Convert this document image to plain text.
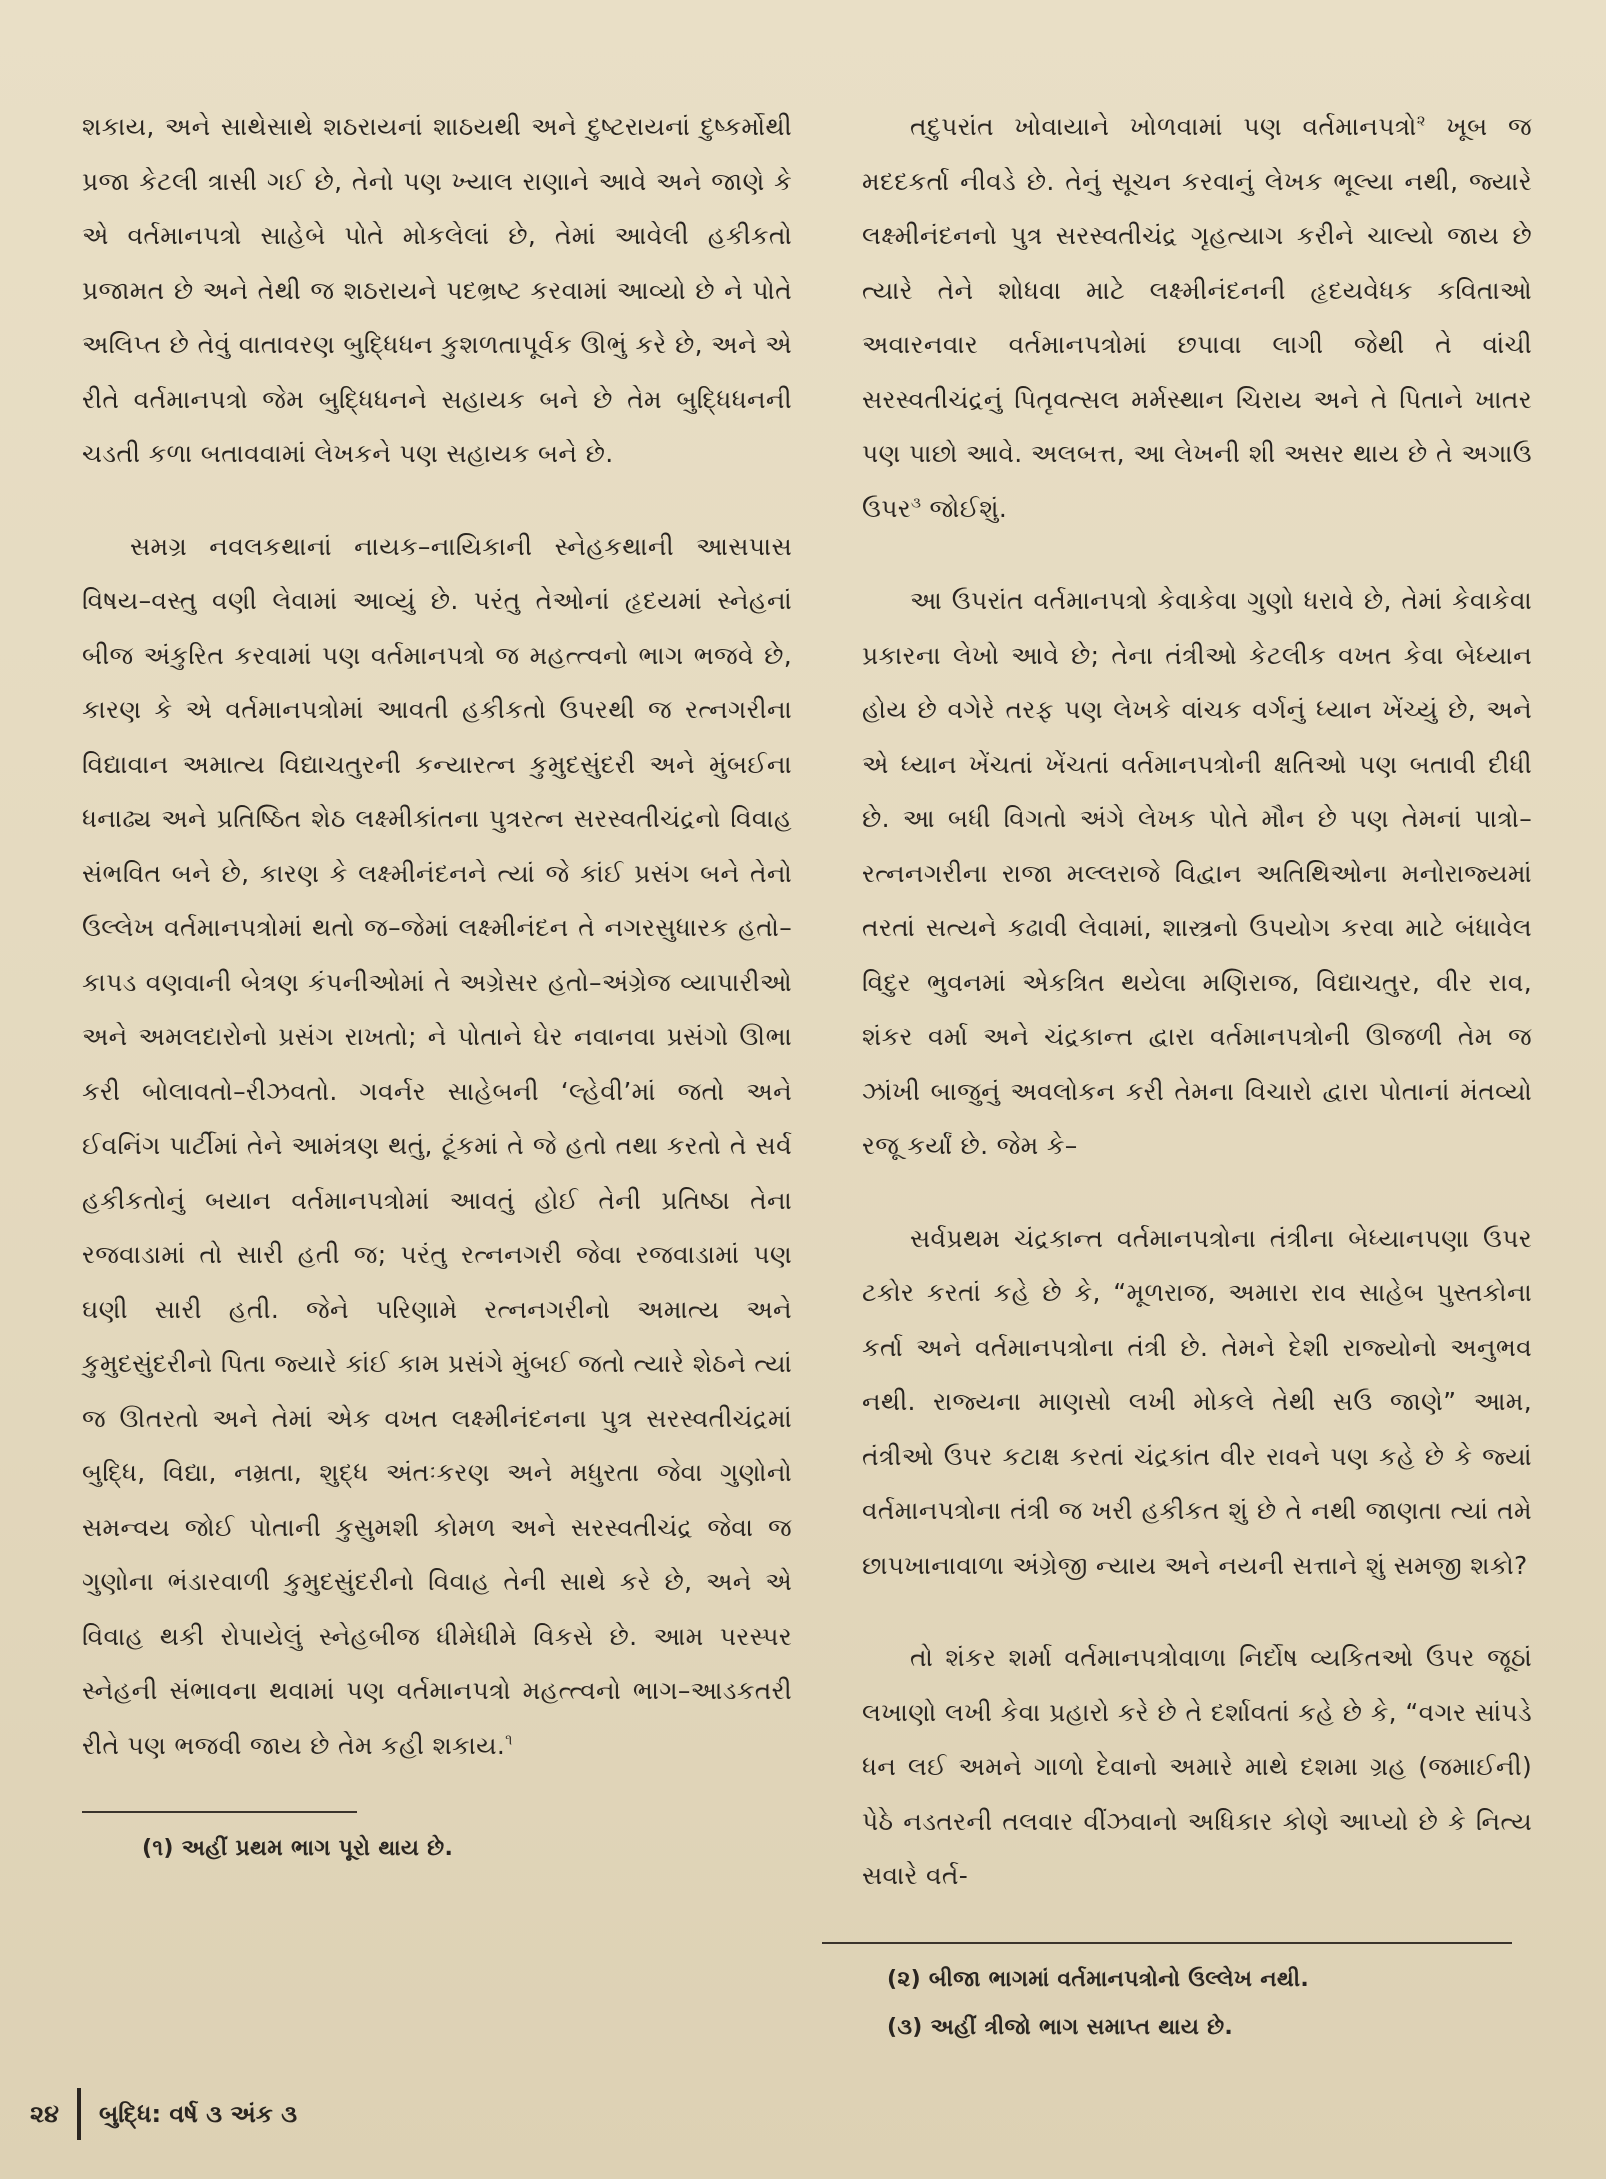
શકાય, અને સાથેસાથે શઠરાયનાં શાઠયથી અને દુષ્ટરાયનાં દુષ્કર્મોથી પ્રજા કેટલી ત્રાસી ગઈ છે, તેનો પણ ખ્યાલ રાણાને આવે અને જાણે કે એ વર્તમાનપત્રો સાહેબે પોતે મોકલેલાં છે, તેમાં આવેલી હકીકતો પ્રજામત છે અને તેથી જ શઠરાયને પદભ્રષ્ટ કરવામાં આવ્યો છે ને પોતે અલિપ્ત છે તેવું વાતાવરણ બુદ્ધિધન કુશળતાપૂર્વક ઊભું કરે છે, અને એ રીતે વર્તમાનપત્રો જેમ બુદ્ધિધનને સહાયક બને છે તેમ બુદ્ધિધનની ચડતી કળા બતાવવામાં લેખકને પણ સહાયક બને છે.

સમગ્ર નવલકથાનાં નાયક–નાયિકાની સ્નેહકથાની આસપાસ વિષય–વસ્તુ વણી લેવામાં આવ્યું છે. પરંતુ તેઓનાં હૃદયમાં સ્નેહનાં બીજ અંકુરિત કરવામાં પણ વર્તમાનપત્રો જ મહત્ત્વનો ભાગ ભજવે છે, કારણ કે એ વર્તમાનપત્રોમાં આવતી હકીકતો ઉપરથી જ રત્નગરીના વિદ્યાવાન અમાત્ય વિદ્યાચતુરની કન્યારત્ન કુમુદસુંદરી અને મુંબઈના ધનાઢ્ય અને પ્રતિષ્ઠિત શેઠ લક્ષ્મીકાંતના પુત્રરત્ન સરસ્વતીચંદ્રનો વિવાહ સંભવિત બને છે, કારણ કે લક્ષ્મીનંદનને ત્યાં જે કાંઈ પ્રસંગ બને તેનો ઉલ્લેખ વર્તમાનપત્રોમાં થતો જ–જેમાં લક્ષ્મીનંદન તે નગરસુધારક હતો–કાપડ વણવાની બેત્રણ કંપનીઓમાં તે અગ્રેસર હતો–અંગ્રેજ વ્યાપારીઓ અને અમલદારોનો પ્રસંગ રાખતો; ને પોતાને ઘેર નવાનવા પ્રસંગો ઊભા કરી બોલાવતો–રીઝવતો. ગવર્નર સાહેબની ‘લ્હેવી’માં જતો અને ઈવનિંગ પાર્ટીમાં તેને આમંત્રણ થતું, ટૂંકમાં તે જે હતો તથા કરતો તે સર્વ હકીકતોનું બયાન વર્તમાનપત્રોમાં આવતું હોઈ તેની પ્રતિષ્ઠા તેના રજવાડામાં તો સારી હતી જ; પરંતુ રત્નનગરી જેવા રજવાડામાં પણ ઘણી સારી હતી. જેને પરિણામે રત્નનગરીનો અમાત્ય અને કુમુદસુંદરીનો પિતા જ્યારે કાંઈ કામ પ્રસંગે મુંબઈ જતો ત્યારે શેઠને ત્યાં જ ઊતરતો અને તેમાં એક વખત લક્ષ્મીનંદનના પુત્ર સરસ્વતીચંદ્રમાં બુદ્ધિ, વિદ્યા, નમ્રતા, શુદ્ધ અંતઃકરણ અને મધુરતા જેવા ગુણોનો સમન્વય જોઈ પોતાની કુસુમશી કોમળ અને સરસ્વતીચંદ્ર જેવા જ ગુણોના ભંડારવાળી કુમુદસુંદરીનો વિવાહ તેની સાથે કરે છે, અને એ વિવાહ થકી રોપાયેલું સ્નેહબીજ ધીમેધીમે વિકસે છે. આમ પરસ્પર સ્નેહની સંભાવના થવામાં પણ વર્તમાનપત્રો મહત્ત્વનો ભાગ–આડકતરી રીતે પણ ભજવી જાય છે તેમ કહી શકાય.$^૧$

(૧) અહીં પ્રથમ ભાગ પૂરો થાય છે.

તદુપરાંત ખોવાયાને ખોળવામાં પણ વર્તમાનપત્રો$^૨$ ખૂબ જ મદદકર્તા નીવડે છે. તેનું સૂચન કરવાનું લેખક ભૂલ્યા નથી, જ્યારે લક્ષ્મીનંદનનો પુત્ર સરસ્વતીચંદ્ર ગૃહત્યાગ કરીને ચાલ્યો જાય છે ત્યારે તેને શોધવા માટે લક્ષ્મીનંદનની હૃદયવેધક કવિતાઓ અવારનવાર વર્તમાનપત્રોમાં છપાવા લાગી જેથી તે વાંચી સરસ્વતીચંદ્રનું પિતૃવત્સલ મર્મસ્થાન ચિરાય અને તે પિતાને ખાતર પણ પાછો આવે. અલબત્ત, આ લેખની શી અસર થાય છે તે અગાઉ ઉપર$^૩$ જોઈશું.

આ ઉપરાંત વર્તમાનપત્રો કેવાકેવા ગુણો ધરાવે છે, તેમાં કેવાકેવા પ્રકારના લેખો આવે છે; તેના તંત્રીઓ કેટલીક વખત કેવા બેધ્યાન હોય છે વગેરે તરફ પણ લેખકે વાંચક વર્ગનું ધ્યાન ખેંચ્યું છે, અને એ ધ્યાન ખેંચતાં ખેંચતાં વર્તમાનપત્રોની ક્ષતિઓ પણ બતાવી દીધી છે. આ બધી વિગતો અંગે લેખક પોતે મૌન છે પણ તેમનાં પાત્રો–રત્નનગરીના રાજા મલ્લરાજે વિદ્વાન અતિથિઓના મનોરાજ્યમાં તરતાં સત્યને કઢાવી લેવામાં, શાસ્ત્રનો ઉપયોગ કરવા માટે બંધાવેલ વિદુર ભુવનમાં એકત્રિત થયેલા મણિરાજ, વિદ્યાચતુર, વીર રાવ, શંકર વર્મા અને ચંદ્રકાન્ત દ્વારા વર્તમાનપત્રોની ઊજળી તેમ જ ઝાંખી બાજુનું અવલોકન કરી તેમના વિચારો દ્વારા પોતાનાં મંતવ્યો રજૂ કર્યાં છે. જેમ કે–

સર્વપ્રથમ ચંદ્રકાન્ત વર્તમાનપત્રોના તંત્રીના બેધ્યાનપણા ઉપર ટકોર કરતાં કહે છે કે, “મૂળરાજ, અમારા રાવ સાહેબ પુસ્તકોના કર્તા અને વર્તમાનપત્રોના તંત્રી છે. તેમને દેશી રાજ્યોનો અનુભવ નથી. રાજ્યના માણસો લખી મોકલે તેથી સઉ જાણે” આમ, તંત્રીઓ ઉપર કટાક્ષ કરતાં ચંદ્રકાંત વીર રાવને પણ કહે છે કે જ્યાં વર્તમાનપત્રોના તંત્રી જ ખરી હકીકત શું છે તે નથી જાણતા ત્યાં તમે છાપખાનાવાળા અંગ્રેજી ન્યાય અને નયની સત્તાને શું સમજી શકો?

તો શંકર શર્મા વર્તમાનપત્રોવાળા નિર્દોષ વ્યકિતઓ ઉપર જૂઠાં લખાણો લખી કેવા પ્રહારો કરે છે તે દર્શાવતાં કહે છે કે, “વગર સાંપડે ધન લઈ અમને ગાળો દેવાનો અમારે માથે દશમા ગ્રહ (જમાઈની) પેઠે નડતરની તલવાર વીંઝવાનો અધિકાર કોણે આપ્યો છે કે નિત્ય સવારે વર્ત-

(૨) બીજા ભાગમાં વર્તમાનપત્રોનો ઉલ્લેખ નથી.
(૩) અહીં ત્રીજો ભાગ સમાપ્ત થાય છે.
૨૪ બુદ્ધિ: વર્ષ ૩ અંક ૩
